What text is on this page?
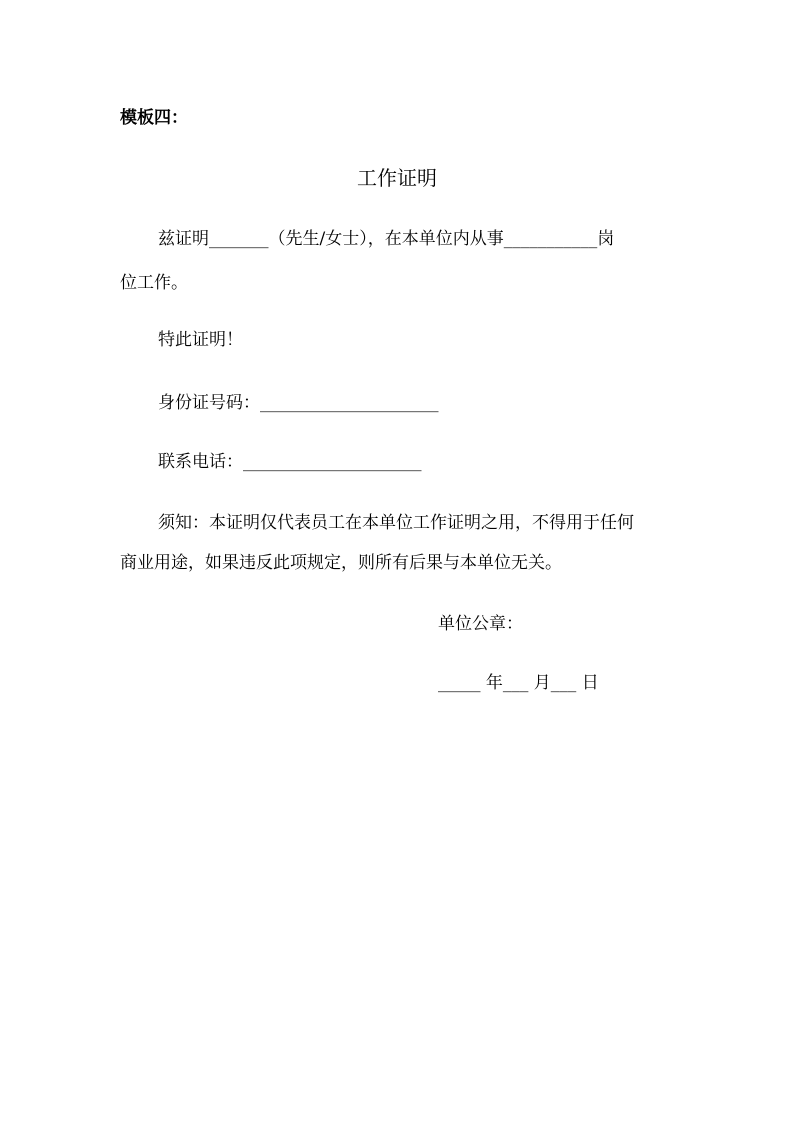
模板四：
工作证明
兹证明_______（先生/女士），在本单位内从事___________岗
位工作。
特此证明！
身份证号码：_____________________
联系电话：_____________________
须知：本证明仅代表员工在本单位工作证明之用，不得用于任何
商业用途，如果违反此项规定，则所有后果与本单位无关。
单位公章：
_____ 年___ 月___ 日
